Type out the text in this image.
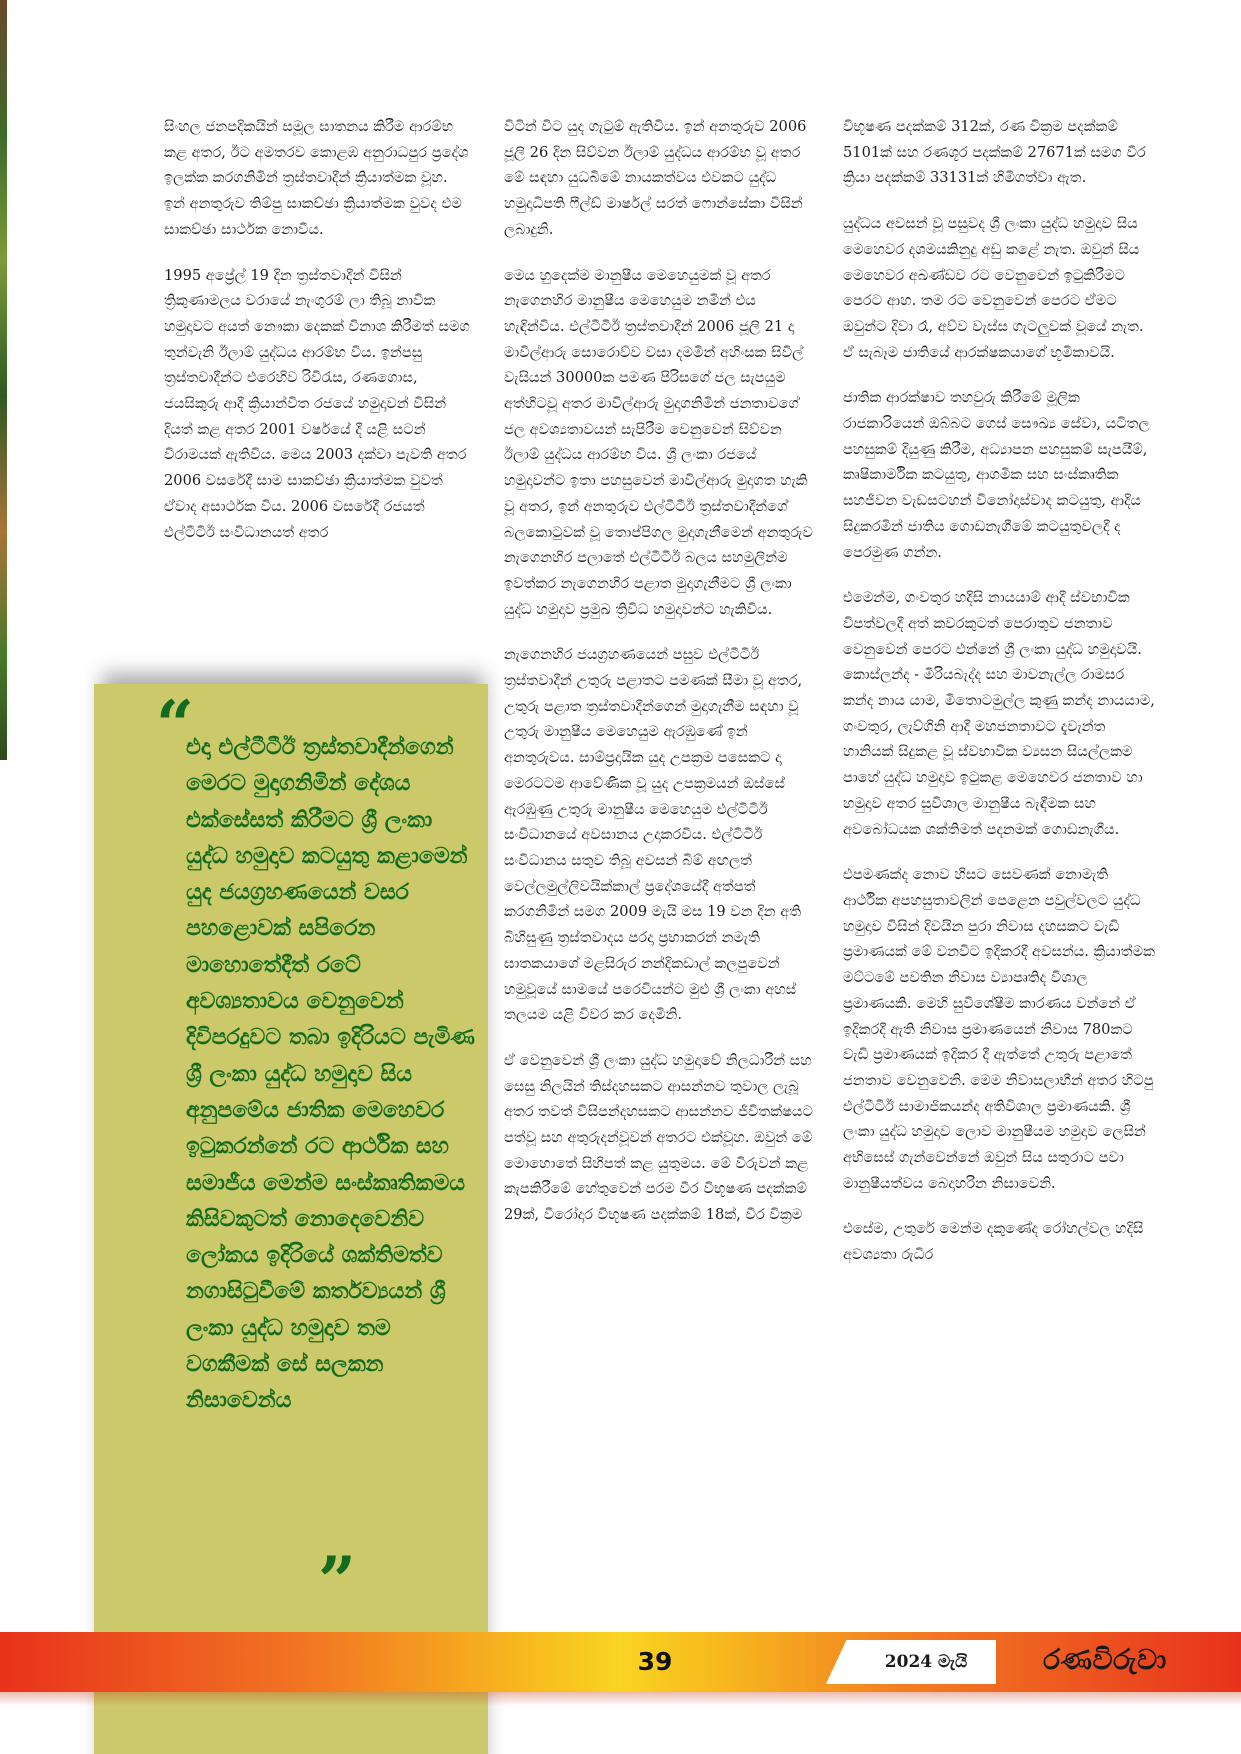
සිංහල ජනපදිකයින් සමූල ඝාතනය කිරීම ආරම්භ කළ අතර, ඊට අමතරව කොළඹ අනුරාධපුර ප්‍රදේශ ඉලක්ක කරගනිමින් ත්‍රස්තවාදීන් ක්‍රියාත්මක වූහ. ඉන් අනතුරුව තිම්පු සාකච්ඡා ක්‍රියාත්මක වුවද එම සාකච්ඡා සාර්ථක නොවීය.

1995 අප්‍රේල් 19 දින ත්‍රස්තවාදීන් විසින් ත්‍රිකුණාමලය වරායේ නැංගුරම් ලා තිබූ නාවික හමුදාවට අයත් නෞකා දෙකක් විනාශ කිරීමත් සමග තුන්වැනි ඊලාම් යුද්ධය ආරම්භ විය. ඉන්පසු ත්‍රස්තවාදීන්ට එරෙහිව රිවිරැස, රණගොස, ජයසිකුරු ආදී ක්‍රියාන්විත රජයේ හමුදාවන් විසින් දියත් කළ අතර 2001 වර්ෂයේ දී යළි සටන් විරාමයක් ඇතිවිය. මෙය 2003 දක්වා පැවති අතර 2006 වසරේදී සාම සාකච්ඡා ක්‍රියාත්මක වුවත් ඒවාද අසාර්ථක විය. 2006 වසරේදී රජයත් එල්ටීටීඊ සංවිධානයත් අතර

විටින් විට යුද ගැටුම් ඇතිවිය. ඉන් අනතුරුව 2006 ජූලි 26 දින සිව්වන ඊලාම් යුද්ධය ආරම්භ වූ අතර මේ සඳහා යුධබිමේ නායකත්වය එවකට යුද්ධ හමුදාධිපති ෆීල්ඩ් මාර්ෂල් සරත් ෆොන්සේකා විසින් ලබාදුනි.

මෙය හුදෙක්ම මානුෂීය මෙහෙයුමක් වූ අතර නැගෙනහිර මානුෂීය මෙහෙයුම නමින් එය හැඳින්විය. එල්ටීටීඊ ත්‍රස්තවාදීන් 2006 ජූලි 21 දා මාවිල්ආරු සොරොව්ව වසා දමමින් අහිංසක සිවිල් වැසියන් 30000ක පමණ පිරිසගේ ජල සැපයුම අත්හිටවූ අතර මාවිල්ආරු මුදාගනිමින් ජනතාවගේ ජල අවශ්‍යතාවයන් සැපිරීම වෙනුවෙන් සිව්වන ඊලාම් යුද්ධය ආරම්භ විය. ශ්‍රී ලංකා රජයේ හමුදාවන්ට ඉතා පහසුවෙන් මාවිල්ආරු මුදාගත හැකි වූ අතර, ඉන් අනතුරුව එල්ටීටීඊ ත්‍රස්තවාදීන්ගේ බලකොටුවක් වූ තොප්පිගල මුදාගැනීමෙන් අනතුරුව නැගෙනහිර පලාතේ එල්ටීටීඊ බලය සහමුලින්ම ඉවත්කර නැගෙනහිර පළාත මුදාගැනීමට ශ්‍රී ලංකා යුද්ධ හමුදාව ප්‍රමුඛ ත්‍රිවිධ හමුදාවන්ට හැකිවිය.

නැගෙනහිර ජයග්‍රහණයෙන් පසුව එල්ටීටීඊ ත්‍රස්තවාදීන් උතුරු පළාතට පමණක් සීමා වූ අතර, උතුරු පළාත ත්‍රස්තවාදීන්ගෙන් මුදාගැනීම සඳහා වූ උතුරු මානුෂීය මෙහෙයුම ඇරඹුණේ ඉන් අනතුරුවය. සාම්ප්‍රදායික යුද උපක්‍රම පසෙකට දා මෙරටටම ආවේණික වූ යුද උපක්‍රමයන් ඔස්සේ ඇරඹුණු උතුරු මානුෂීය මෙහෙයුම එල්ටීටීඊ සංවිධානයේ අවසානය උදාකරවිය. එල්ටීටීඊ සංවිධානය සතුව තිබූ අවසන් බිම් අඟලත් වෙල්ලමුල්ලිවයික්කාල් ප්‍රදේශයේදී අත්පත් කරගනිමින් සමග 2009 මැයි මස 19 වන දින අති බිහිසුණු ත්‍රස්තවාදය පරදා ප්‍රභාකරන් නමැති ඝාතකයාගේ මළසිරුර නන්දිකඩාල් කලපුවෙන් හමුවූයේ සාමයේ පරෙවියන්ට මුළු ශ්‍රී ලංකා අහස් තලයම යළි විවර කර දෙමිනි.

ඒ වෙනුවෙන් ශ්‍රී ලංකා යුද්ධ හමුදාවේ නිලධාරීන් සහ සෙසු නිලයින් තිස්දහසකට ආසන්නව තුවාල ලැබූ අතර තවත් විසිපන්දහසකට ආසන්නව ජීවිතක්ෂයට පත්වූ සහ අතුරුදන්වූවන් අතරට එක්වූහ. ඔවුන් මේ මොහොතේ සිහිපත් කළ යුතුමය. මේ විරුවන් කළ කැපකිරීමේ හේතුවෙන් පරම වීර විභූෂණ පදක්කම් 29ක්, වීරෝදාර විභූෂණ පදක්කම් 18ක්, වීර වික්‍රම

විභූෂණ පදක්කම් 312ක්, රණ වික්‍රම පදක්කම් 5101ක් සහ රණශූර පදක්කම් 27671ක් සමග වීර ක්‍රියා පදක්කම් 33131ක් හිමිගත්වා ඇත.

යුද්ධය අවසන් වූ පසුවද ශ්‍රී ලංකා යුද්ධ හමුදාව සිය මෙහෙවර දශමයකිනුදු අඩු කළේ නැත. ඔවුන් සිය මෙහෙවර අඛණ්ඩව රට වෙනුවෙන් ඉටුකිරීමට පෙරට ආහ. තම රට වෙනුවෙන් පෙරට ඒමට ඔවුන්ට දිවා රෑ, අව්ව වැස්ස ගැටලුවක් වූයේ නැත. ඒ සැබෑම ජාතියේ ආරක්ෂකයාගේ භූමිකාවයි.

ජාතික ආරක්ෂාව තහවුරු කිරීමේ මූලික රාජකාරියෙන් ඔබ්බට ගෙස් සෞඛ්‍ය සේවා, යටිතල පහසුකම් දියුණු කිරීම, අධ්‍යාපන පහසුකම් සැපයීම්, කෘෂිකාර්මික කටයුතු, ආගමික සහ සංස්කෘතික සහජීවන වැඩසටහන් විනෝදාස්වාද කටයුතු, ආදිය සිදුකරමින් ජාතිය ගොඩනැගීමේ කටයුතුවලදී ද පෙරමුණ ගන්න.

එමෙන්ම, ගංවතුර හදිසි නායයාම් ආදී ස්වභාවික විපත්වලදී අත් කවරකුටත් පෙරාතුව ජනතාව වෙනුවෙන් පෙරට එන්නේ ශ්‍රී ලංකා යුද්ධ හමුදාවයි. කොස්ලන්ද - මීරියබැද්ද සහ මාවනැල්ල රාමසර කන්ද නාය යාම, මීතොටමුල්ල කුණු කන්ද නායයාම, ගංවතුර, ලැව්ගිනි ආදී මහජනතාවට දැවැන්ත හානියක් සිදුකළ වූ ස්වභාවික ව්‍යසන සියල්ලකම පාහේ යුද්ධ හමුදාව ඉටුකළ මෙහෙවර ජනතාව හා හමුදාව අතර සුවිශාල මානුෂීය බැඳීමක සහ අවබෝධයක ශක්තිමත් පදනමක් ගොඩනැගීය.

එපමණක්ද නොව හිසට සෙවණක් නොමැති ආර්ථික අපහසුතාවලින් පෙළෙන පවුල්වලට යුද්ධ හමුදාව විසින් දිවයින පුරා නිවාස දහසකට වැඩි ප්‍රමාණයක් මේ වනවිට ඉදිකරදී අවසන්ය. ක්‍රියාත්මක මට්ටමේ පවතින නිවාස ව්‍යාපෘතිද විශාල ප්‍රමාණයකි. මෙහි සුවිශේෂීම කාරණය වන්නේ ඒ ඉදිකරදී ඇති නිවාස ප්‍රමාණයෙන් නිවාස 780කට වැඩි ප්‍රමාණයක් ඉදිකර දී ඇත්තේ උතුරු පළාතේ ජනතාව වෙනුවෙනි. මෙම නිවාසලාභීන් අතර හිටපු එල්ටීටීඊ සාමාජිකයන්ද අතිවිශාල ප්‍රමාණයකි. ශ්‍රී ලංකා යුද්ධ හමුදාව ලොව මානුෂීයම හමුදාව ලෙසින් අභිසෙස් ගැන්වෙන්නේ ඔවුන් සිය සතුරාට පවා මානුෂීයත්වය බෙදාහරින නිසාවෙනි.

එසේම, උතුරේ මෙන්ම දකුණේද රෝහල්වල හදිසි අවශ්‍යතා රුධිර

“
එදා එල්ටීටීඊ ත්‍රස්තවාදීන්ගෙන් මෙරට මුදාගනිමින් දේශය එක්සේසත් කිරීමට ශ්‍රී ලංකා යුද්ධ හමුදාව කටයුතු කළාමෙන් යුද ජයග්‍රහණයෙන් වසර පහළොවක් සපිරෙන මාහොතේදීත් රටේ අවශ්‍යතාවය වෙනුවෙන් දිවිපරදුවට තබා ඉදිරියට පැමිණ ශ්‍රී ලංකා යුද්ධ හමුදාව සිය අනුපමේය ජාතික මෙහෙවර ඉටුකරන්නේ රට ආර්ථික සහ සමාජීය මෙන්ම සංස්කෘතිකමය කිසිවකුටත් නොදෙවෙනිව ලෝකය ඉදිරියේ ශක්තිමත්ව නගාසිටුවීමේ කර්තව්‍යයන් ශ්‍රී ලංකා යුද්ධ හමුදාව තම වගකීමක් සේ සලකන නිසාවෙන්ය
”
39	2024 මැයි	රණවිරුවා
